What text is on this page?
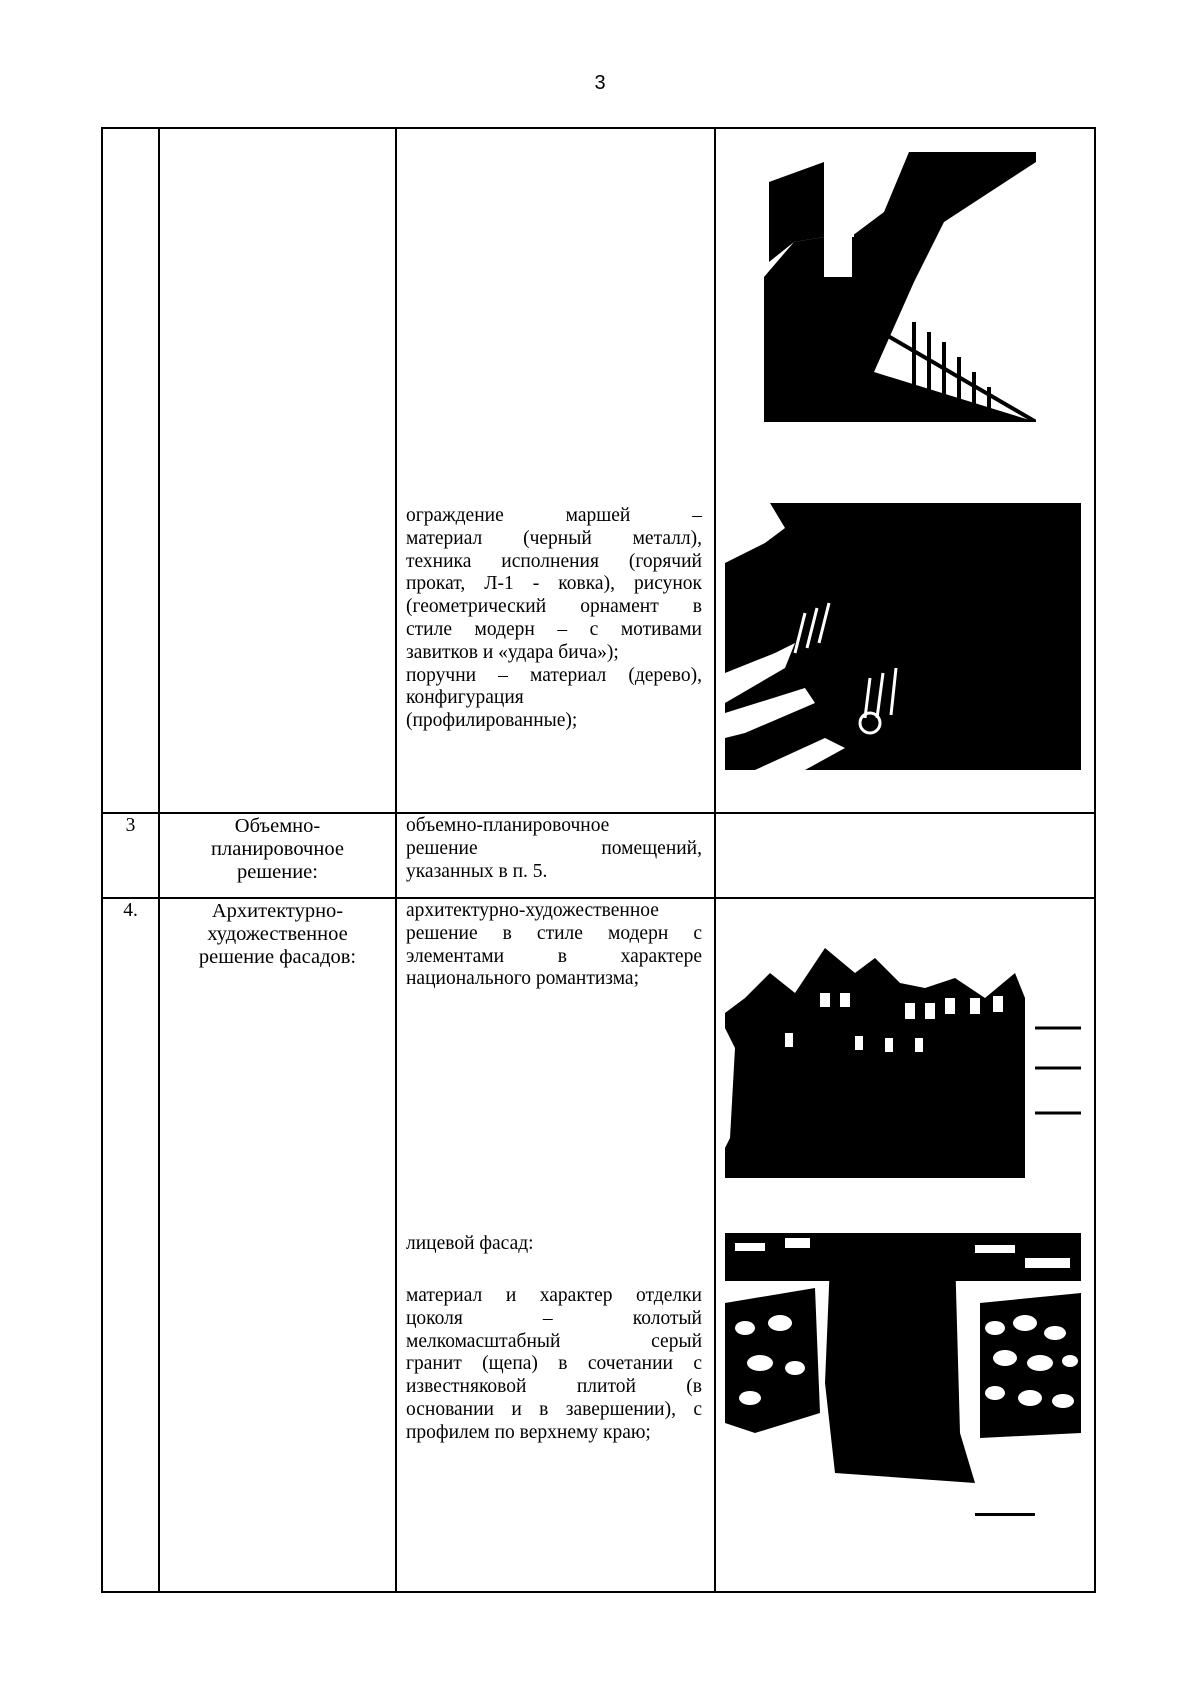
3

ограждение маршей –

материал (черный металл),

техника исполнения (горячий

прокат, Л-1 - ковка), рисунок

(геометрический орнамент в

стиле модерн – с мотивами

завитков и «удара бича»);

поручни – материал (дерево),

конфигурация

(профилированные);

3	Объемно-

планировочное

решение:

объемно-планировочное

решение помещений,

указанных в п. 5.

4.	Архитектурно-

художественное

решение фасадов:

архитектурно-художественное

решение в стиле модерн с

элементами в характере

национального романтизма;

лицевой фасад:

материал и характер отделки

цоколя – колотый

мелкомасштабный серый

гранит (щепа) в сочетании с

известняковой плитой (в

основании и в завершении), с

профилем по верхнему краю;
